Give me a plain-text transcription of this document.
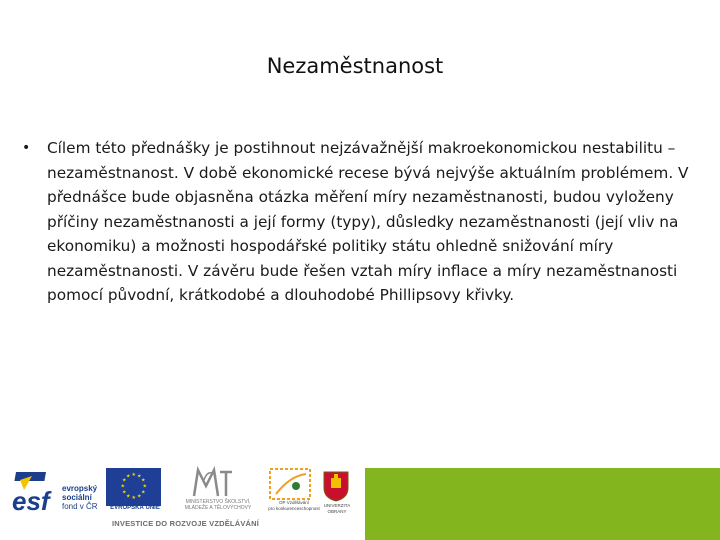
Nezaměstnanost
•	Cílem této přednášky je postihnout nejzávažnější makroekonomickou nestabilitu – nezaměstnanost. V době ekonomické recese bývá nejvýše aktuálním problémem. V přednášce bude objasněna otázka měření míry nezaměstnanosti, budou vyloženy příčiny nezaměstnanosti a její formy (typy), důsledky nezaměstnanosti (její vliv na ekonomiku) a možnosti hospodářské politiky státu ohledně snižování míry nezaměstnanosti. V závěru bude řešen vztah míry inflace a míry nezaměstnanosti pomocí původní, krátkodobé a dlouhodobé Phillipsovy křivky.
esf evropský
sociální
fond v ČR
★ ★
★
★
★
★
★
★
★
★
★
★
EVROPSKÁ UNIE
MINISTERSTVO ŠKOLSTVÍ,
MLÁDEŽE A TĚLOVÝCHOVY
OP Vzdělávání
pro konkurenceschopnost UNIVERZITA
OBRANY
INVESTICE DO ROZVOJE VZDĚLÁVÁNÍ
